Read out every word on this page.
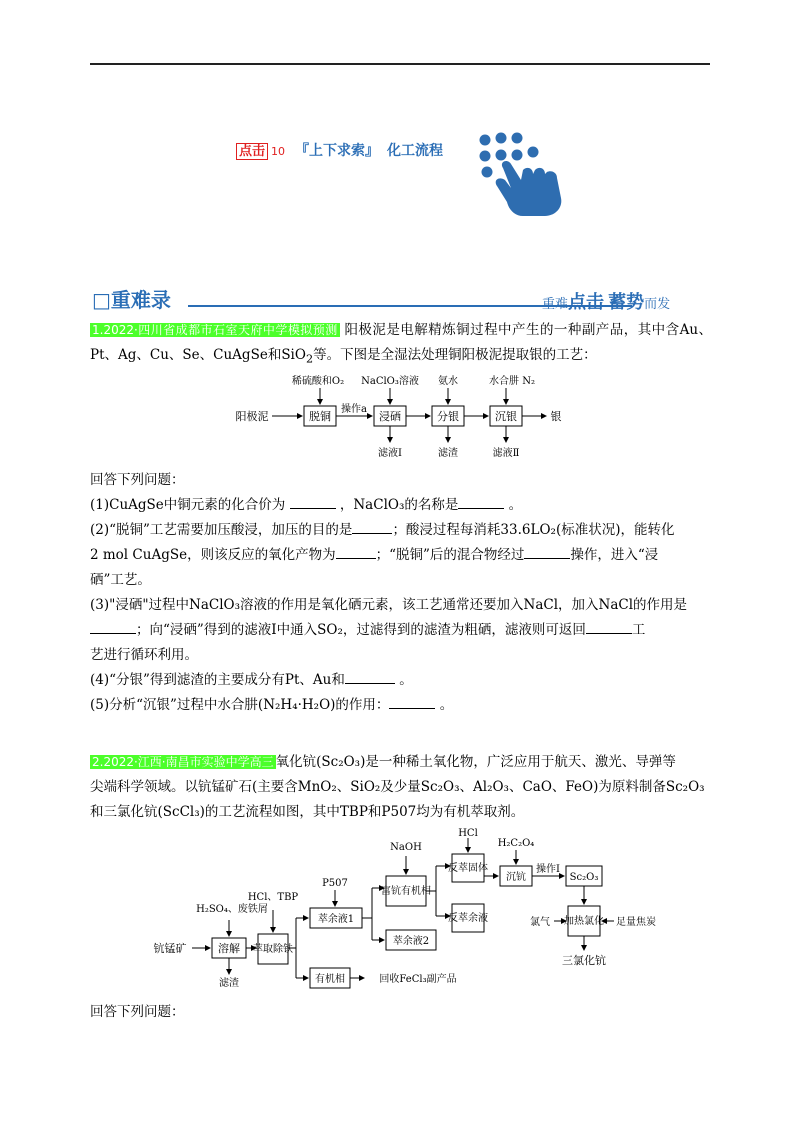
点击 10 『上下求索』 化工流程
□重难录	重难点击 蓄势而发
1.2022·四川省成都市石室天府中学模拟预测 阳极泥是电解精炼铜过程中产生的一种副产品，其中含Au、Pt、Ag、Cu、Se、CuAgSe和SiO$_2$等。下图是全湿法处理铜阳极泥提取银的工艺：
阳极泥	脱铜	浸硒	分银	沉银	银
操作a
稀硫酸和O₂ NaClO₃溶液 氨水	水合肼 N₂
滤液Ⅰ	滤渣	滤液Ⅱ
回答下列问题：
(1)CuAgSe中铜元素的化合价为	，NaClO₃的名称是	。
(2)“脱铜”工艺需要加压酸浸，加压的目的是	；酸浸过程每消耗33.6LO₂(标准状况)，能转化
2 mol CuAgSe，则该反应的氧化产物为	；“脱铜”后的混合物经过	操作，进入“浸
硒”工艺。
(3)"浸硒"过程中NaClO₃溶液的作用是氧化硒元素，该工艺通常还要加入NaCl，加入NaCl的作用是
；向“浸硒”得到的滤液I中通入SO₂，过滤得到的滤渣为粗硒，滤液则可返回	工
艺进行循环利用。
(4)“分银”得到滤渣的主要成分有Pt、Au和	。
(5)分析“沉银”过程中水合肼(N₂H₄·H₂O)的作用：	。
2.2022·江西·南昌市实验中学高三 氧化钪(Sc₂O₃)是一种稀土氧化物，广泛应用于航天、激光、导弹等
尖端科学领域。以钪锰矿石(主要含MnO₂、SiO₂及少量Sc₂O₃、Al₂O₃、CaO、FeO)为原料制备Sc₂O₃
和三氯化钪(ScCl₃)的工艺流程如图，其中TBP和P507均为有机萃取剂。
钪锰矿	溶解
H₂SO₄、废铁屑
滤渣
萃取除铁
HCl、TBP
萃余液1
有机相	回收FeCl₃副产品
P507
富钪有机相
萃余液2
NaOH
反萃固体
反萃余液
HCl
沉钪
H₂C₂O₄
操作Ⅰ
Sc₂O₃
加热氯化
氯气	足量焦炭
三氯化钪
回答下列问题：
